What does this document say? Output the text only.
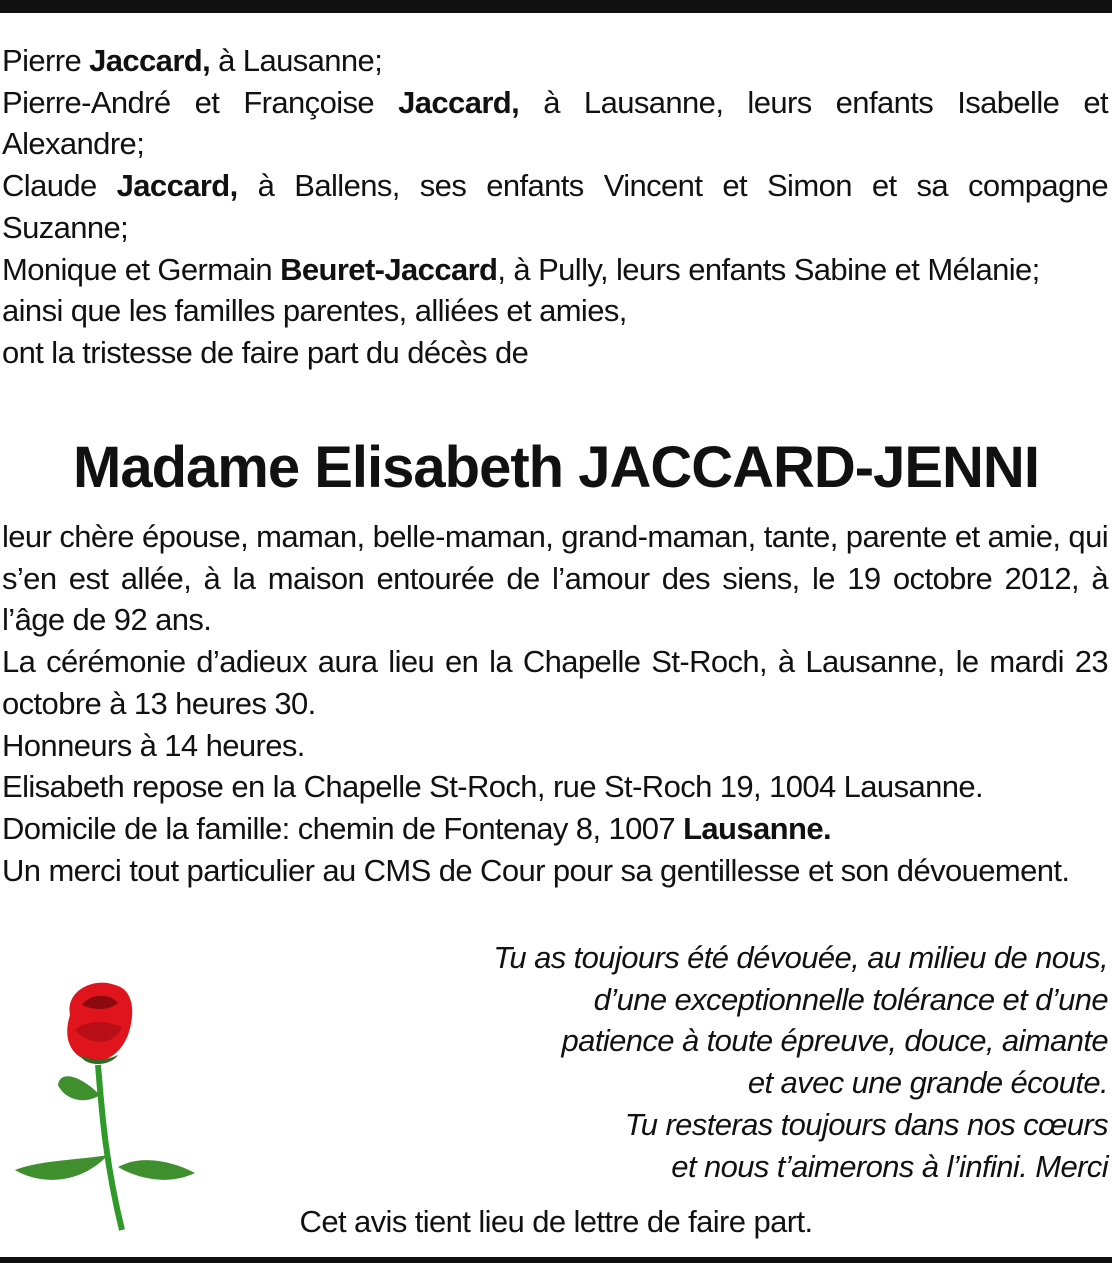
Pierre Jaccard, à Lausanne;
Pierre-André et Françoise Jaccard, à Lausanne, leurs enfants Isabelle et Alexandre;
Claude Jaccard, à Ballens, ses enfants Vincent et Simon et sa compagne Suzanne;
Monique et Germain Beuret-Jaccard, à Pully, leurs enfants Sabine et Mélanie;
ainsi que les familles parentes, alliées et amies,
ont la tristesse de faire part du décès de
Madame Elisabeth JACCARD-JENNI
leur chère épouse, maman, belle-maman, grand-maman, tante, parente et amie, qui s’en est allée, à la maison entourée de l’amour des siens, le 19 octobre 2012, à l’âge de 92 ans.
La cérémonie d’adieux aura lieu en la Chapelle St-Roch, à Lausanne, le mardi 23 octobre à 13 heures 30.
Honneurs à 14 heures.
Elisabeth repose en la Chapelle St-Roch, rue St-Roch 19, 1004 Lausanne.
Domicile de la famille: chemin de Fontenay 8, 1007 Lausanne.
Un merci tout particulier au CMS de Cour pour sa gentillesse et son dévouement.
Tu as toujours été dévouée, au milieu de nous,
d’une exceptionnelle tolérance et d’une
patience à toute épreuve, douce, aimante
et avec une grande écoute.
Tu resteras toujours dans nos cœurs
et nous t’aimerons à l’infini. Merci
Cet avis tient lieu de lettre de faire part.
